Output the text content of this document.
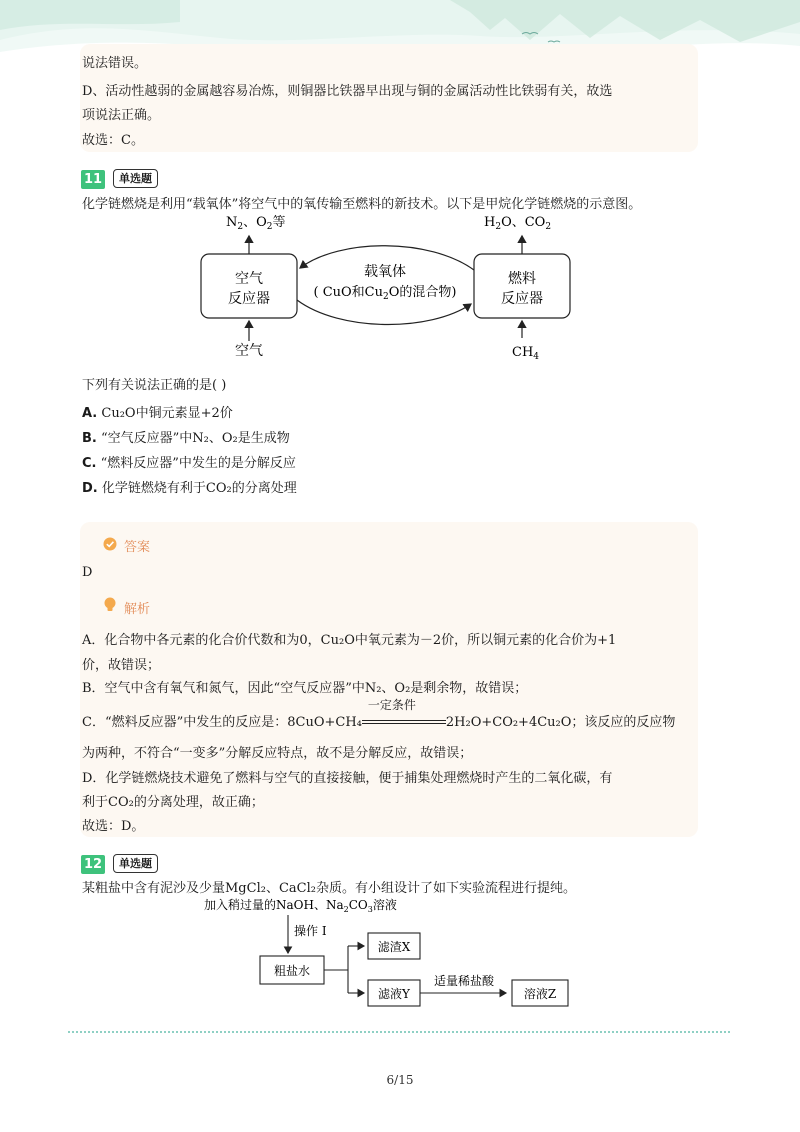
说法错误。
D、活动性越弱的金属越容易冶炼，则铜器比铁器早出现与铜的金属活动性比铁弱有关，故选
项说法正确。
故选：C。
11	单选题
化学链燃烧是利用“载氧体”将空气中的氧传输至燃料的新技术。以下是甲烷化学链燃烧的示意图。
空气
反应器
燃料
反应器
载氧体
( CuO和$Cu_2O$的混合物)
$N_2$、$O_2$等
空气
$H_2O$、$CO_2$
$CH_4$
下列有关说法正确的是( )
A. Cu₂O中铜元素显+2价
B. “空气反应器”中N₂、O₂是生成物
C. “燃料反应器”中发生的是分解反应
D. 化学链燃烧有利于CO₂的分离处理
答案
D
解析
A．化合物中各元素的化合价代数和为0，Cu₂O中氧元素为－2价，所以铜元素的化合价为+1
价，故错误；
B．空气中含有氧气和氮气，因此“空气反应器”中N₂、O₂是剩余物，故错误；
C．“燃料反应器”中发生的反应是：8CuO+CH₄
一定条件
2H₂O+CO₂+4Cu₂O；该反应的反应物
为两种，不符合“一变多”分解反应特点，故不是分解反应，故错误；
D．化学链燃烧技术避免了燃料与空气的直接接触，便于捕集处理燃烧时产生的二氧化碳，有
利于CO₂的分离处理，故正确；
故选：D。
12	单选题
某粗盐中含有泥沙及少量MgCl₂、CaCl₂杂质。有小组设计了如下实验流程进行提纯。
加入稍过量的NaOH、$Na_2CO_3$溶液
操作 I
粗盐水
滤渣X
滤液Y
适量稀盐酸
溶液Z
6/15
